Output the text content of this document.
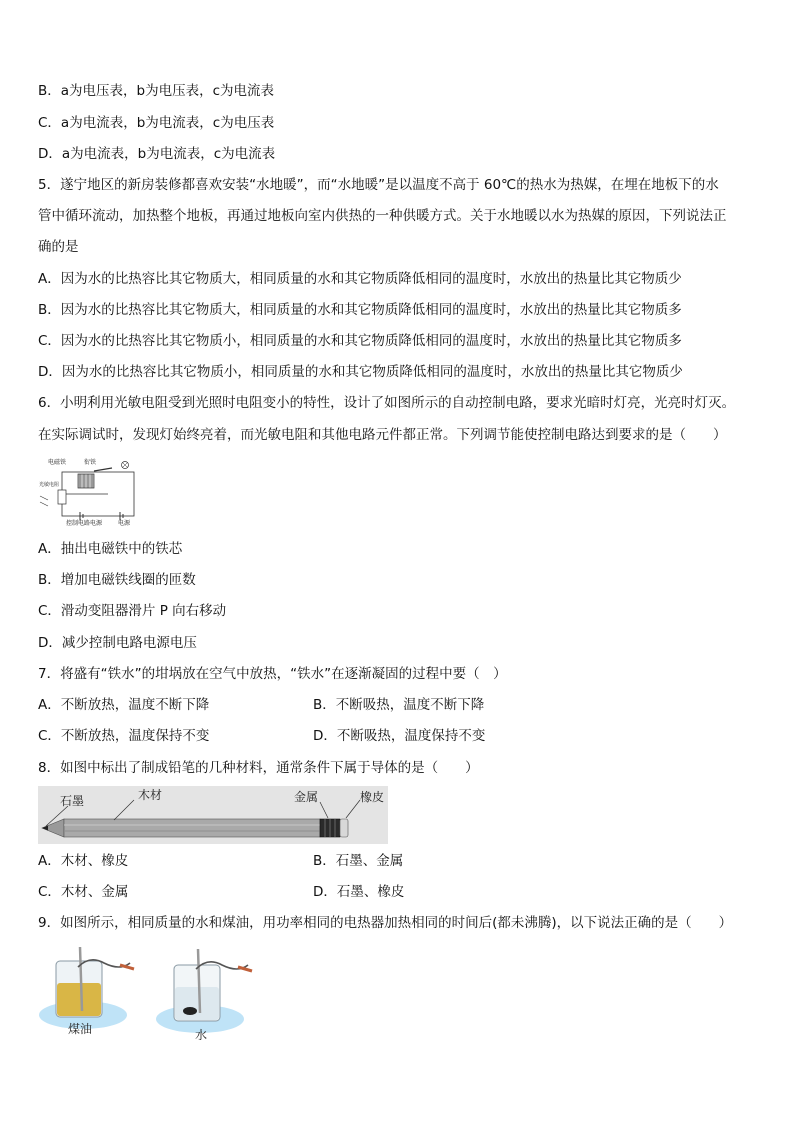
B．a为电压表，b为电压表，c为电流表
C．a为电流表，b为电流表，c为电压表
D．a为电流表，b为电流表，c为电流表
5．遂宁地区的新房装修都喜欢安装“水地暖”，而“水地暖”是以温度不高于 60℃的热水为热媒，在埋在地板下的水
管中循环流动，加热整个地板，再通过地板向室内供热的一种供暖方式。关于水地暖以水为热媒的原因，下列说法正
确的是
A．因为水的比热容比其它物质大，相同质量的水和其它物质降低相同的温度时，水放出的热量比其它物质少
B．因为水的比热容比其它物质大，相同质量的水和其它物质降低相同的温度时，水放出的热量比其它物质多
C．因为水的比热容比其它物质小，相同质量的水和其它物质降低相同的温度时，水放出的热量比其它物质多
D．因为水的比热容比其它物质小，相同质量的水和其它物质降低相同的温度时，水放出的热量比其它物质少
6．小明利用光敏电阻受到光照时电阻变小的特性，设计了如图所示的自动控制电路，要求光暗时灯亮，光亮时灯灭。
在实际调试时，发现灯始终亮着，而光敏电阻和其他电路元件都正常。下列调节能使控制电路达到要求的是（　　）
电磁铁	衔铁
光敏电阻
控制电路电源	电源
A．抽出电磁铁中的铁芯
B．增加电磁铁线圈的匝数
C．滑动变阻器滑片 P 向右移动
D．减少控制电路电源电压
7．将盛有“铁水”的坩埚放在空气中放热，“铁水”在逐渐凝固的过程中要（　）
A．不断放热，温度不断下降	B．不断吸热，温度不断下降
C．不断放热，温度保持不变	D．不断吸热，温度保持不变
8．如图中标出了制成铅笔的几种材料，通常条件下属于导体的是（　　）
石墨	木材	金属	橡皮
A．木材、橡皮	B．石墨、金属
C．木材、金属	D．石墨、橡皮
9．如图所示，相同质量的水和煤油，用功率相同的电热器加热相同的时间后(都未沸腾)，以下说法正确的是（　　）
煤油	水
